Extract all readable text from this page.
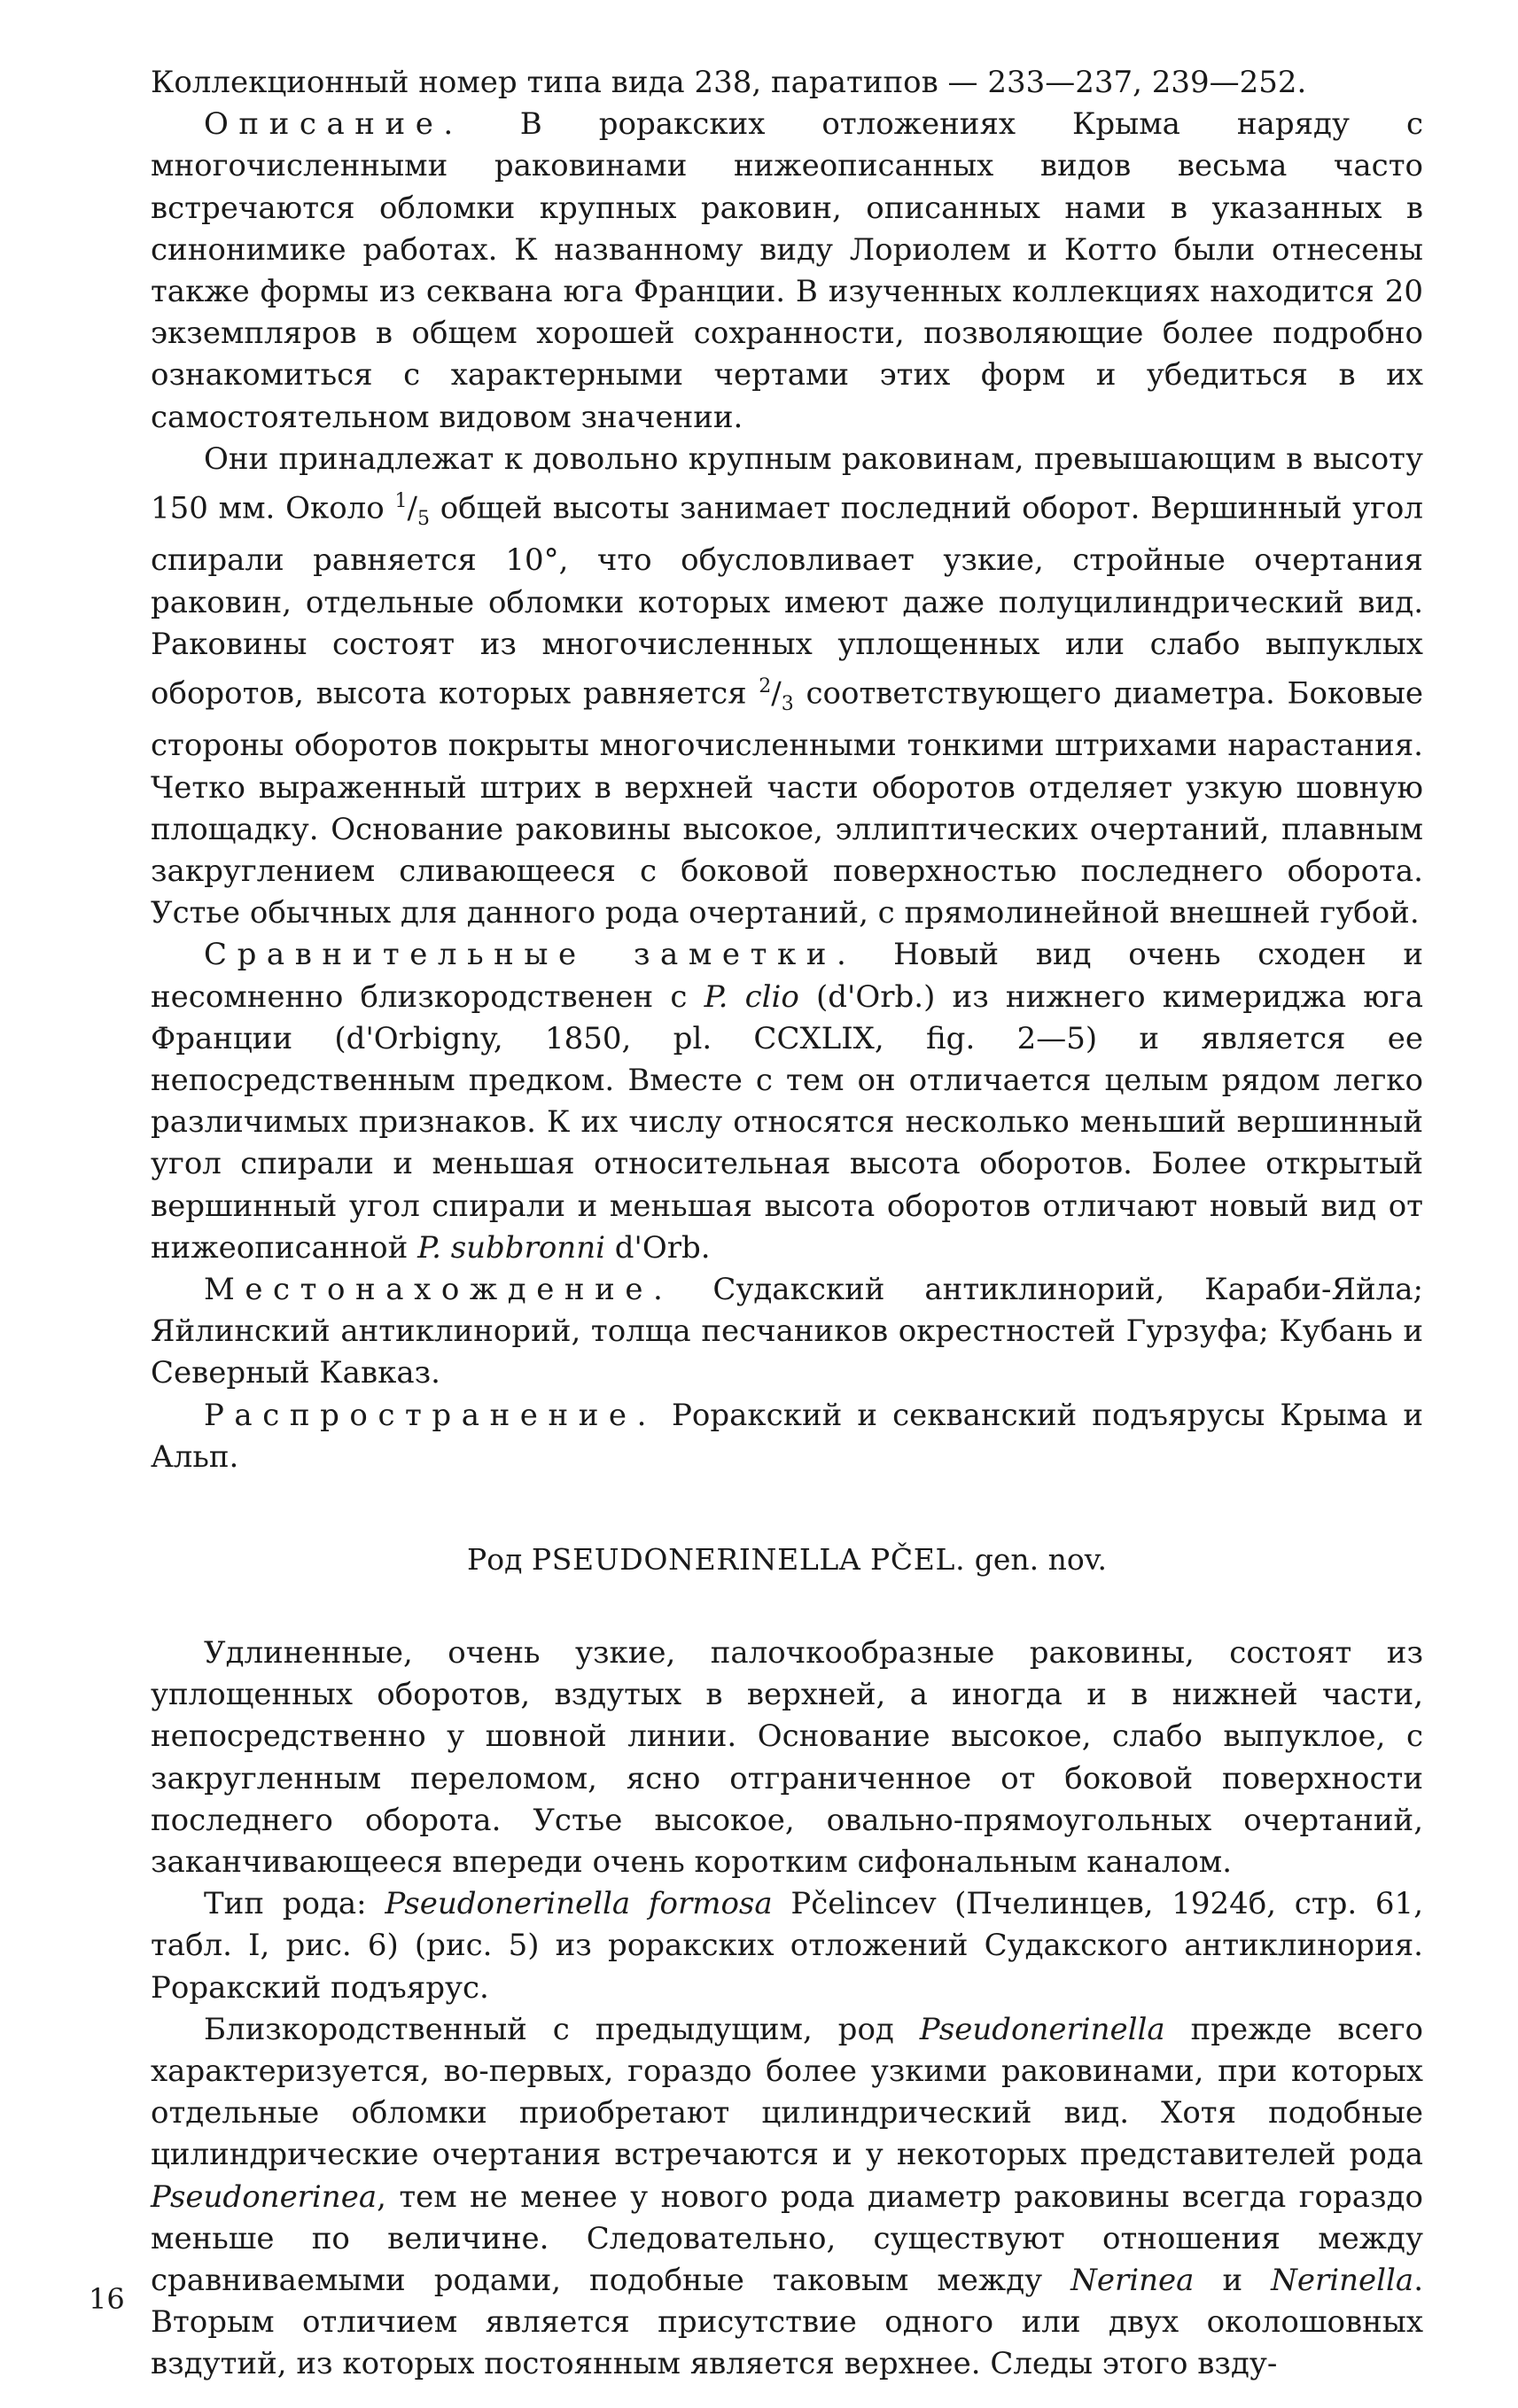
Коллекционный номер типа вида 238, паратипов — 233—237, 239—252.

Описание. В роракских отложениях Крыма наряду с многочисленными раковинами нижеописанных видов весьма часто встречаются обломки крупных раковин, описанных нами в указанных в синонимике работах. К названному виду Лориолем и Котто были отнесены также формы из секвана юга Франции. В изученных коллекциях находится 20 экземпляров в общем хорошей сохранности, позволяющие более подробно ознакомиться с характерными чертами этих форм и убедиться в их самостоятельном видовом значении.

Они принадлежат к довольно крупным раковинам, превышающим в высоту 150 мм. Около $^1/_5$ общей высоты занимает последний оборот. Вершинный угол спирали равняется 10°, что обусловливает узкие, стройные очертания раковин, отдельные обломки которых имеют даже полуцилиндрический вид. Раковины состоят из многочисленных уплощенных или слабо выпуклых оборотов, высота которых равняется $^2/_3$ соответствующего диаметра. Боковые стороны оборотов покрыты многочисленными тонкими штрихами нарастания. Четко выраженный штрих в верхней части оборотов отделяет узкую шовную площадку. Основание раковины высокое, эллиптических очертаний, плавным закруглением сливающееся с боковой поверхностью последнего оборота. Устье обычных для данного рода очертаний, с прямолинейной внешней губой.

Сравнительные заметки. Новый вид очень сходен и несомненно близкородственен с P. clio (d'Orb.) из нижнего кимериджа юга Франции (d'Orbigny, 1850, pl. CCXLIX, fig. 2—5) и является ее непосредственным предком. Вместе с тем он отличается целым рядом легко различимых признаков. К их числу относятся несколько меньший вершинный угол спирали и меньшая относительная высота оборотов. Более открытый вершинный угол спирали и меньшая высота оборотов отличают новый вид от нижеописанной P. subbronni d'Orb.

Местонахождение. Судакский антиклинорий, Караби-Яйла; Яйлинский антиклинорий, толща песчаников окрестностей Гурзуфа; Кубань и Северный Кавказ.

Распространение. Роракский и секванский подъярусы Крыма и Альп.

Род PSEUDONERINELLA PČEL. gen. nov.

Удлиненные, очень узкие, палочкообразные раковины, состоят из уплощенных оборотов, вздутых в верхней, а иногда и в нижней части, непосредственно у шовной линии. Основание высокое, слабо выпуклое, с закругленным переломом, ясно отграниченное от боковой поверхности последнего оборота. Устье высокое, овально-прямоугольных очертаний, заканчивающееся впереди очень коротким сифональным каналом.

Тип рода: Pseudonerinella formosa Pčelincev (Пчелинцев, 1924б, стр. 61, табл. I, рис. 6) (рис. 5) из роракских отложений Судакского антиклинория. Роракский подъярус.

Близкородственный с предыдущим, род Pseudonerinella прежде всего характеризуется, во-первых, гораздо более узкими раковинами, при которых отдельные обломки приобретают цилиндрический вид. Хотя подобные цилиндрические очертания встречаются и у некоторых представителей рода Pseudonerinea, тем не менее у нового рода диаметр раковины всегда гораздо меньше по величине. Следовательно, существуют отношения между сравниваемыми родами, подобные таковым между Nerinea и Nerinella. Вторым отличием является присутствие одного или двух околошовных вздутий, из которых постоянным является верхнее. Следы этого взду-

16
